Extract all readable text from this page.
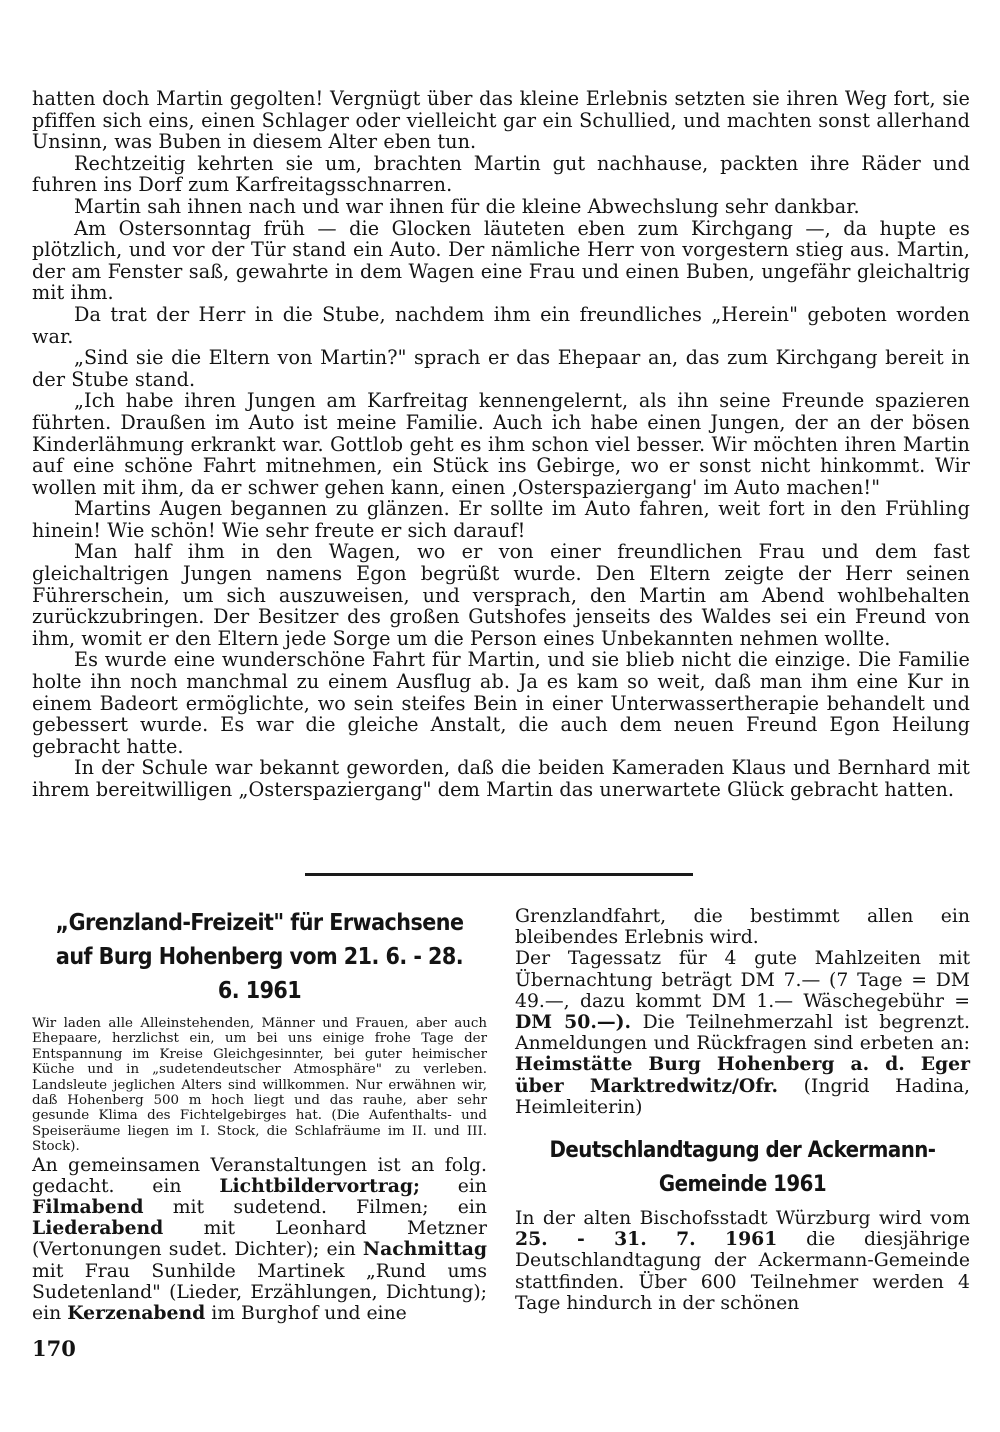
hatten doch Martin gegolten! Vergnügt über das kleine Erlebnis setzten sie ihren Weg fort, sie pfiffen sich eins, einen Schlager oder vielleicht gar ein Schullied, und machten sonst allerhand Unsinn, was Buben in diesem Alter eben tun.

Rechtzeitig kehrten sie um, brachten Martin gut nachhause, packten ihre Räder und fuhren ins Dorf zum Karfreitagsschnarren.

Martin sah ihnen nach und war ihnen für die kleine Abwechslung sehr dankbar.

Am Ostersonntag früh — die Glocken läuteten eben zum Kirchgang —, da hupte es plötzlich, und vor der Tür stand ein Auto. Der nämliche Herr von vorgestern stieg aus. Martin, der am Fenster saß, gewahrte in dem Wagen eine Frau und einen Buben, ungefähr gleichaltrig mit ihm.

Da trat der Herr in die Stube, nachdem ihm ein freundliches „Herein" geboten worden war.

„Sind sie die Eltern von Martin?" sprach er das Ehepaar an, das zum Kirchgang bereit in der Stube stand.

„Ich habe ihren Jungen am Karfreitag kennengelernt, als ihn seine Freunde spazieren führten. Draußen im Auto ist meine Familie. Auch ich habe einen Jungen, der an der bösen Kinderlähmung erkrankt war. Gottlob geht es ihm schon viel besser. Wir möchten ihren Martin auf eine schöne Fahrt mitnehmen, ein Stück ins Gebirge, wo er sonst nicht hinkommt. Wir wollen mit ihm, da er schwer gehen kann, einen ‚Osterspaziergang' im Auto machen!"

Martins Augen begannen zu glänzen. Er sollte im Auto fahren, weit fort in den Frühling hinein! Wie schön! Wie sehr freute er sich darauf!

Man half ihm in den Wagen, wo er von einer freundlichen Frau und dem fast gleichaltrigen Jungen namens Egon begrüßt wurde. Den Eltern zeigte der Herr seinen Führerschein, um sich auszuweisen, und versprach, den Martin am Abend wohlbehalten zurückzubringen. Der Besitzer des großen Gutshofes jenseits des Waldes sei ein Freund von ihm, womit er den Eltern jede Sorge um die Person eines Unbekannten nehmen wollte.

Es wurde eine wunderschöne Fahrt für Martin, und sie blieb nicht die einzige. Die Familie holte ihn noch manchmal zu einem Ausflug ab. Ja es kam so weit, daß man ihm eine Kur in einem Badeort ermöglichte, wo sein steifes Bein in einer Unterwassertherapie behandelt und gebessert wurde. Es war die gleiche Anstalt, die auch dem neuen Freund Egon Heilung gebracht hatte.

In der Schule war bekannt geworden, daß die beiden Kameraden Klaus und Bernhard mit ihrem bereitwilligen „Osterspaziergang" dem Martin das unerwartete Glück gebracht hatten.

„Grenzland-Freizeit" für Erwachsene auf Burg Hohenberg vom 21. 6. - 28. 6. 1961

Wir laden alle Alleinstehenden, Männer und Frauen, aber auch Ehepaare, herzlichst ein, um bei uns einige frohe Tage der Entspannung im Kreise Gleichgesinnter, bei guter heimischer Küche und in „sudetendeutscher Atmosphäre" zu verleben. Landsleute jeglichen Alters sind willkommen. Nur erwähnen wir, daß Hohenberg 500 m hoch liegt und das rauhe, aber sehr gesunde Klima des Fichtelgebirges hat. (Die Aufenthalts- und Speiseräume liegen im I. Stock, die Schlafräume im II. und III. Stock).

An gemeinsamen Veranstaltungen ist an folg. gedacht. ein Lichtbildervortrag; ein Filmabend mit sudetend. Filmen; ein Liederabend mit Leonhard Metzner (Vertonungen sudet. Dichter); ein Nachmittag mit Frau Sunhilde Martinek „Rund ums Sudetenland" (Lieder, Erzählungen, Dichtung); ein Kerzenabend im Burghof und eine

Grenzlandfahrt, die bestimmt allen ein bleibendes Erlebnis wird.

Der Tagessatz für 4 gute Mahlzeiten mit Übernachtung beträgt DM 7.— (7 Tage = DM 49.—, dazu kommt DM 1.— Wäschegebühr = DM 50.—). Die Teilnehmerzahl ist begrenzt. Anmeldungen und Rückfragen sind erbeten an: Heimstätte Burg Hohenberg a. d. Eger über Marktredwitz/Ofr. (Ingrid Hadina, Heimleiterin)

Deutschlandtagung der Ackermann-Gemeinde 1961

In der alten Bischofsstadt Würzburg wird vom 25. - 31. 7. 1961 die diesjährige Deutschlandtagung der Ackermann-Gemeinde stattfinden. Über 600 Teilnehmer werden 4 Tage hindurch in der schönen

170
